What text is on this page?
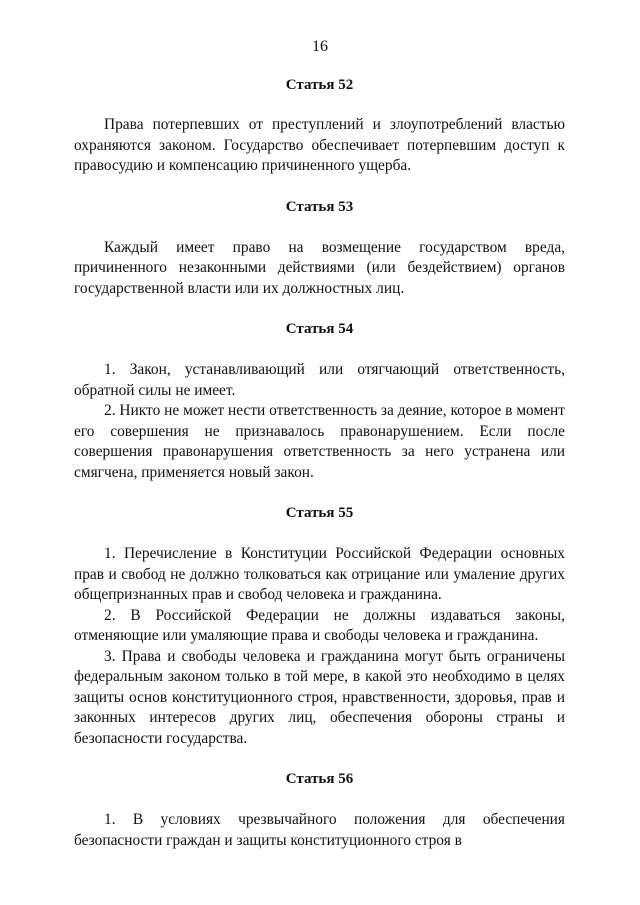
16

Статья 52

Права потерпевших от преступлений и злоупотреблений властью охраняются законом. Государство обеспечивает потерпевшим доступ к правосудию и компенсацию причиненного ущерба.

Статья 53

Каждый имеет право на возмещение государством вреда, причиненного незаконными действиями (или бездействием) органов государственной власти или их должностных лиц.

Статья 54

1. Закон, устанавливающий или отягчающий ответственность, обратной силы не имеет.

2. Никто не может нести ответственность за деяние, которое в момент его совершения не признавалось правонарушением. Если после совершения правонарушения ответственность за него устранена или смягчена, применяется новый закон.

Статья 55

1. Перечисление в Конституции Российской Федерации основных прав и свобод не должно толковаться как отрицание или умаление других общепризнанных прав и свобод человека и гражданина.

2. В Российской Федерации не должны издаваться законы, отменяющие или умаляющие права и свободы человека и гражданина.

3. Права и свободы человека и гражданина могут быть ограничены федеральным законом только в той мере, в какой это необходимо в целях защиты основ конституционного строя, нравственности, здоровья, прав и законных интересов других лиц, обеспечения обороны страны и безопасности государства.

Статья 56

1. В условиях чрезвычайного положения для обеспечения безопасности граждан и защиты конституционного строя в
